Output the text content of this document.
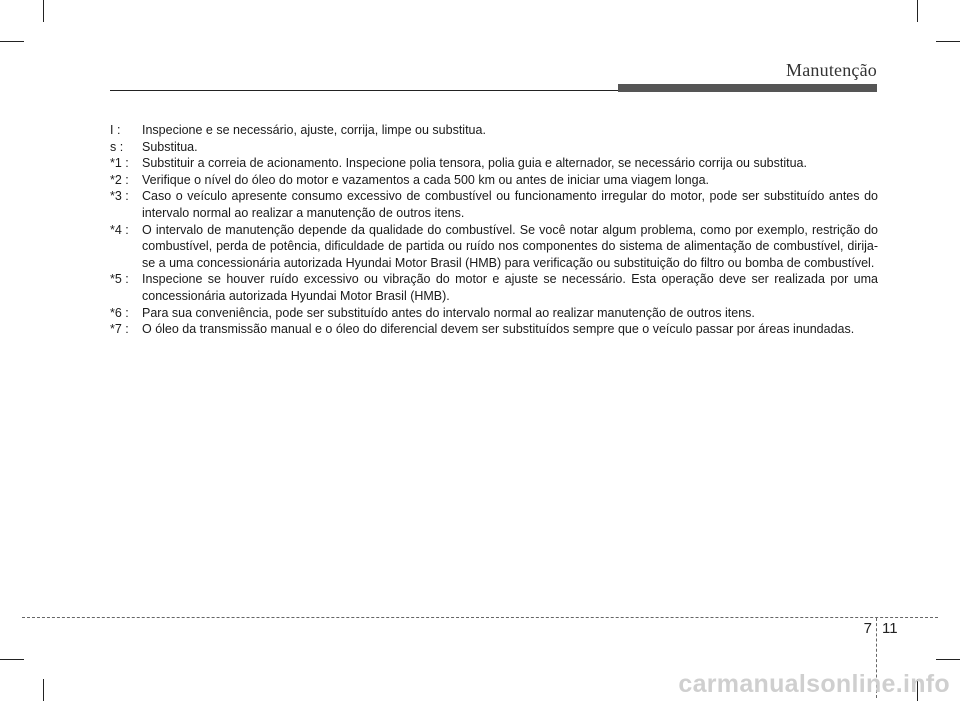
Manutenção
I :	Inspecione e se necessário, ajuste, corrija, limpe ou substitua.
s :	Substitua.
*1 :	Substituir a correia de acionamento. Inspecione polia tensora, polia guia e alternador, se necessário corrija ou substitua.
*2 :	Verifique o nível do óleo do motor e vazamentos a cada 500 km ou antes de iniciar uma viagem longa.
*3 :	Caso o veículo apresente consumo excessivo de combustível ou funcionamento irregular do motor, pode ser substituído antes do intervalo normal ao realizar a manutenção de outros itens.
*4 :	O intervalo de manutenção depende da qualidade do combustível. Se você notar algum problema, como por exemplo, restrição do combustível, perda de potência, dificuldade de partida ou ruído nos componentes do sistema de alimentação de combustível, dirija-se a uma concessionária autorizada Hyundai Motor Brasil (HMB) para verificação ou substituição do filtro ou bomba de combustível.
*5 :	Inspecione se houver ruído excessivo ou vibração do motor e ajuste se necessário. Esta operação deve ser realizada por uma concessionária autorizada Hyundai Motor Brasil (HMB).
*6 :	Para sua conveniência, pode ser substituído antes do intervalo normal ao realizar manutenção de outros itens.
*7 :	O óleo da transmissão manual e o óleo do diferencial devem ser substituídos sempre que o veículo passar por áreas inundadas.
7 11
carmanualsonline.info
